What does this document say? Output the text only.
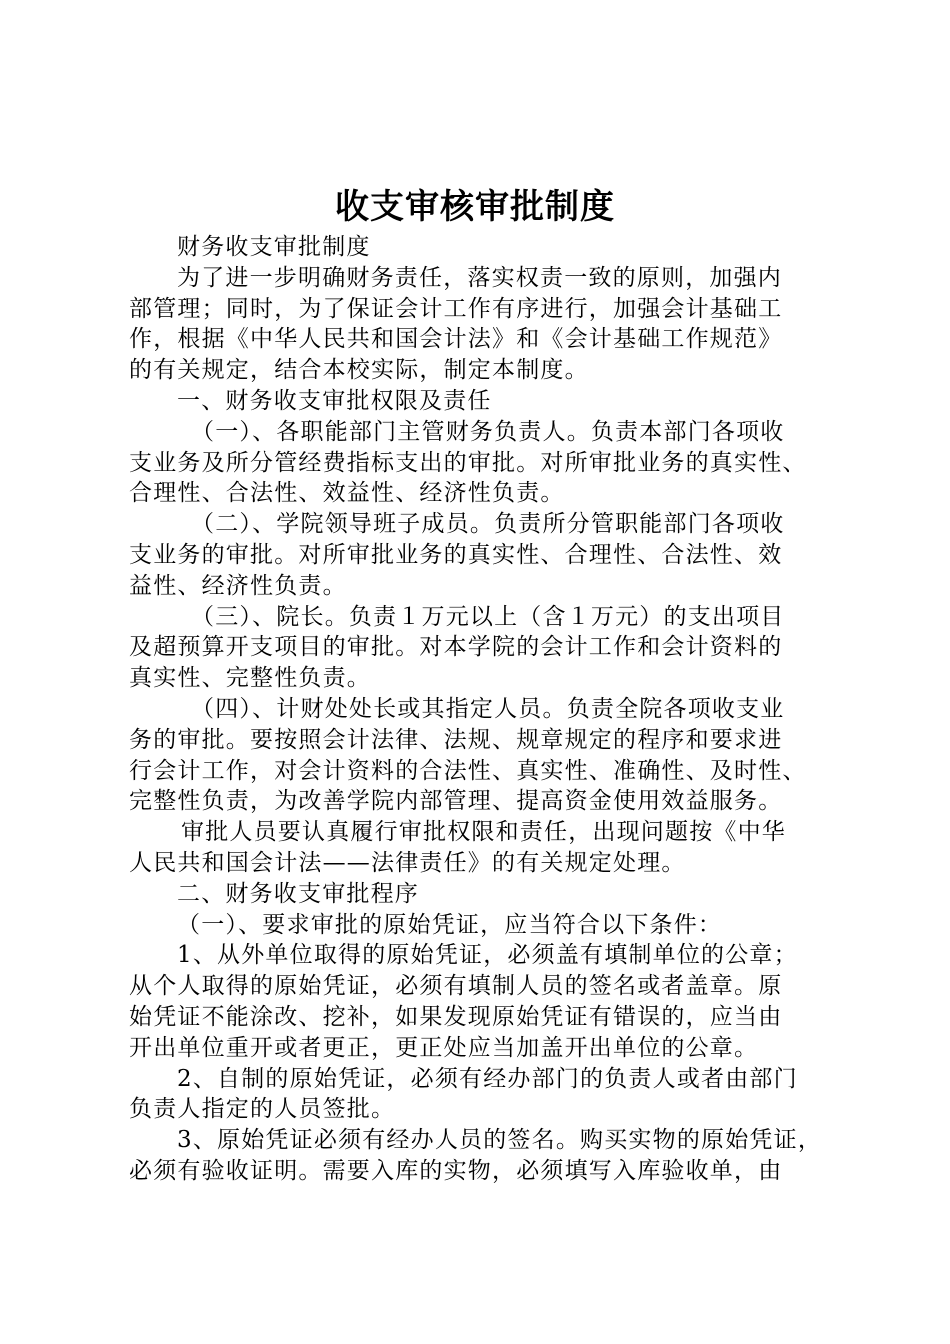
收支审核审批制度
财务收支审批制度
为了进一步明确财务责任，落实权责一致的原则，加强内
部管理；同时，为了保证会计工作有序进行，加强会计基础工
作，根据《中华人民共和国会计法》和《会计基础工作规范》
的有关规定，结合本校实际，制定本制度。
一、财务收支审批权限及责任
（一）、各职能部门主管财务负责人。负责本部门各项收
支业务及所分管经费指标支出的审批。对所审批业务的真实性、
合理性、合法性、效益性、经济性负责。
（二）、学院领导班子成员。负责所分管职能部门各项收
支业务的审批。对所审批业务的真实性、合理性、合法性、效
益性、经济性负责。
（三）、院长。负责１万元以上（含１万元）的支出项目
及超预算开支项目的审批。对本学院的会计工作和会计资料的
真实性、完整性负责。
（四）、计财处处长或其指定人员。负责全院各项收支业
务的审批。要按照会计法律、法规、规章规定的程序和要求进
行会计工作，对会计资料的合法性、真实性、准确性、及时性、
完整性负责，为改善学院内部管理、提高资金使用效益服务。
审批人员要认真履行审批权限和责任，出现问题按《中华
人民共和国会计法——法律责任》的有关规定处理。
二、财务收支审批程序
（一）、要求审批的原始凭证，应当符合以下条件：
1、从外单位取得的原始凭证，必须盖有填制单位的公章；
从个人取得的原始凭证，必须有填制人员的签名或者盖章。原
始凭证不能涂改、挖补，如果发现原始凭证有错误的，应当由
开出单位重开或者更正，更正处应当加盖开出单位的公章。
2、自制的原始凭证，必须有经办部门的负责人或者由部门
负责人指定的人员签批。
3、原始凭证必须有经办人员的签名。购买实物的原始凭证，
必须有验收证明。需要入库的实物，必须填写入库验收单，由
